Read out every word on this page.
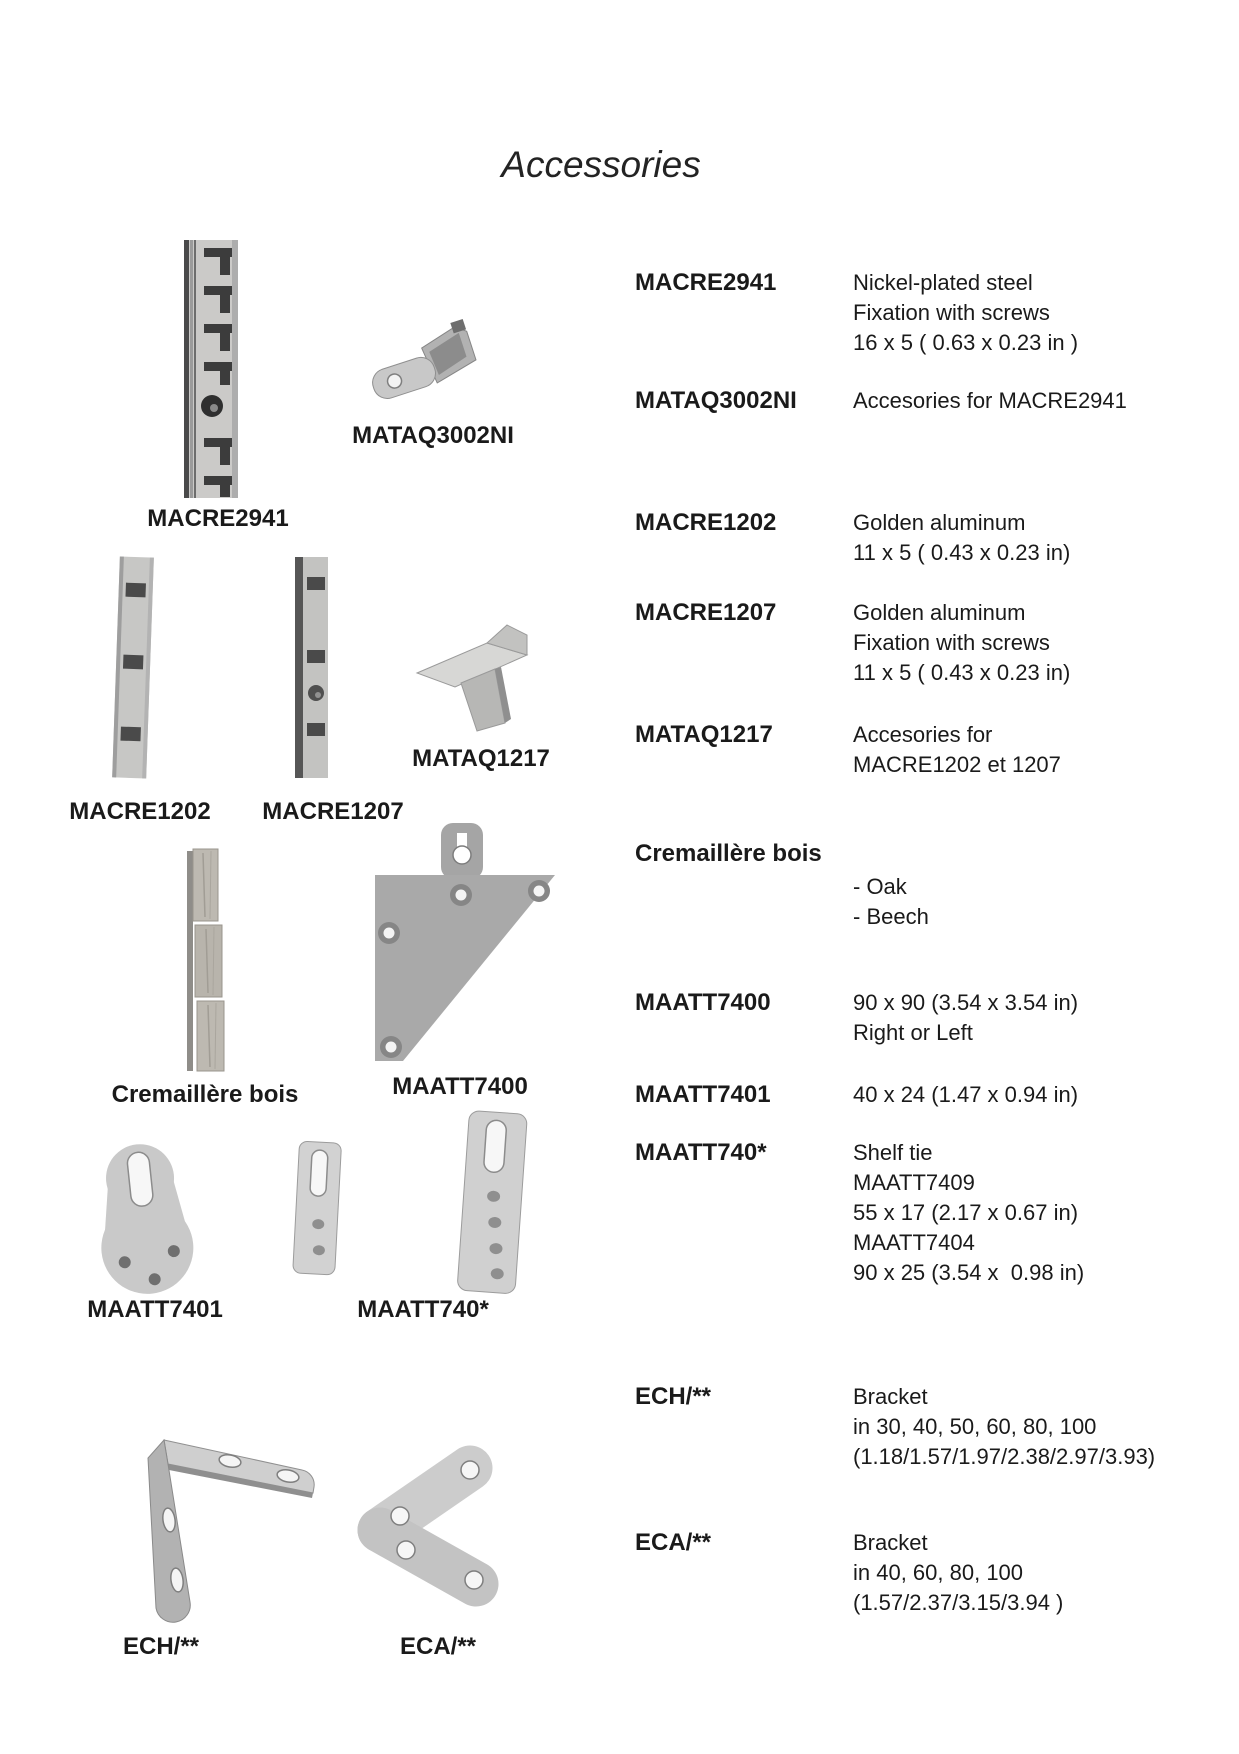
Accessories
MACRE2941
MATAQ3002NI
MACRE1202	MACRE1207
MATAQ1217
Cremaillère bois	MAATT7400
MAATT7401	MAATT740*
ECH/**	ECA/**
MACRE2941	Nickel-plated steel
Fixation with screws
16 x 5 ( 0.63 x 0.23 in )
MATAQ3002NI	Accesories for MACRE2941
MACRE1202	Golden aluminum
11 x 5 ( 0.43 x 0.23 in)
MACRE1207	Golden aluminum
Fixation with screws
11 x 5 ( 0.43 x 0.23 in)
MATAQ1217	Accesories for
MACRE1202 et 1207
Cremaillère bois
- Oak
- Beech
MAATT7400	90 x 90 (3.54 x 3.54 in)
Right or Left
MAATT7401	40 x 24 (1.47 x 0.94 in)
MAATT740*	Shelf tie
MAATT7409
55 x 17 (2.17 x 0.67 in)
MAATT7404
90 x 25 (3.54 x  0.98 in)
ECH/**	Bracket
in 30, 40, 50, 60, 80, 100
(1.18/1.57/1.97/2.38/2.97/3.93)
ECA/**	Bracket
in 40, 60, 80, 100
(1.57/2.37/3.15/3.94 )
